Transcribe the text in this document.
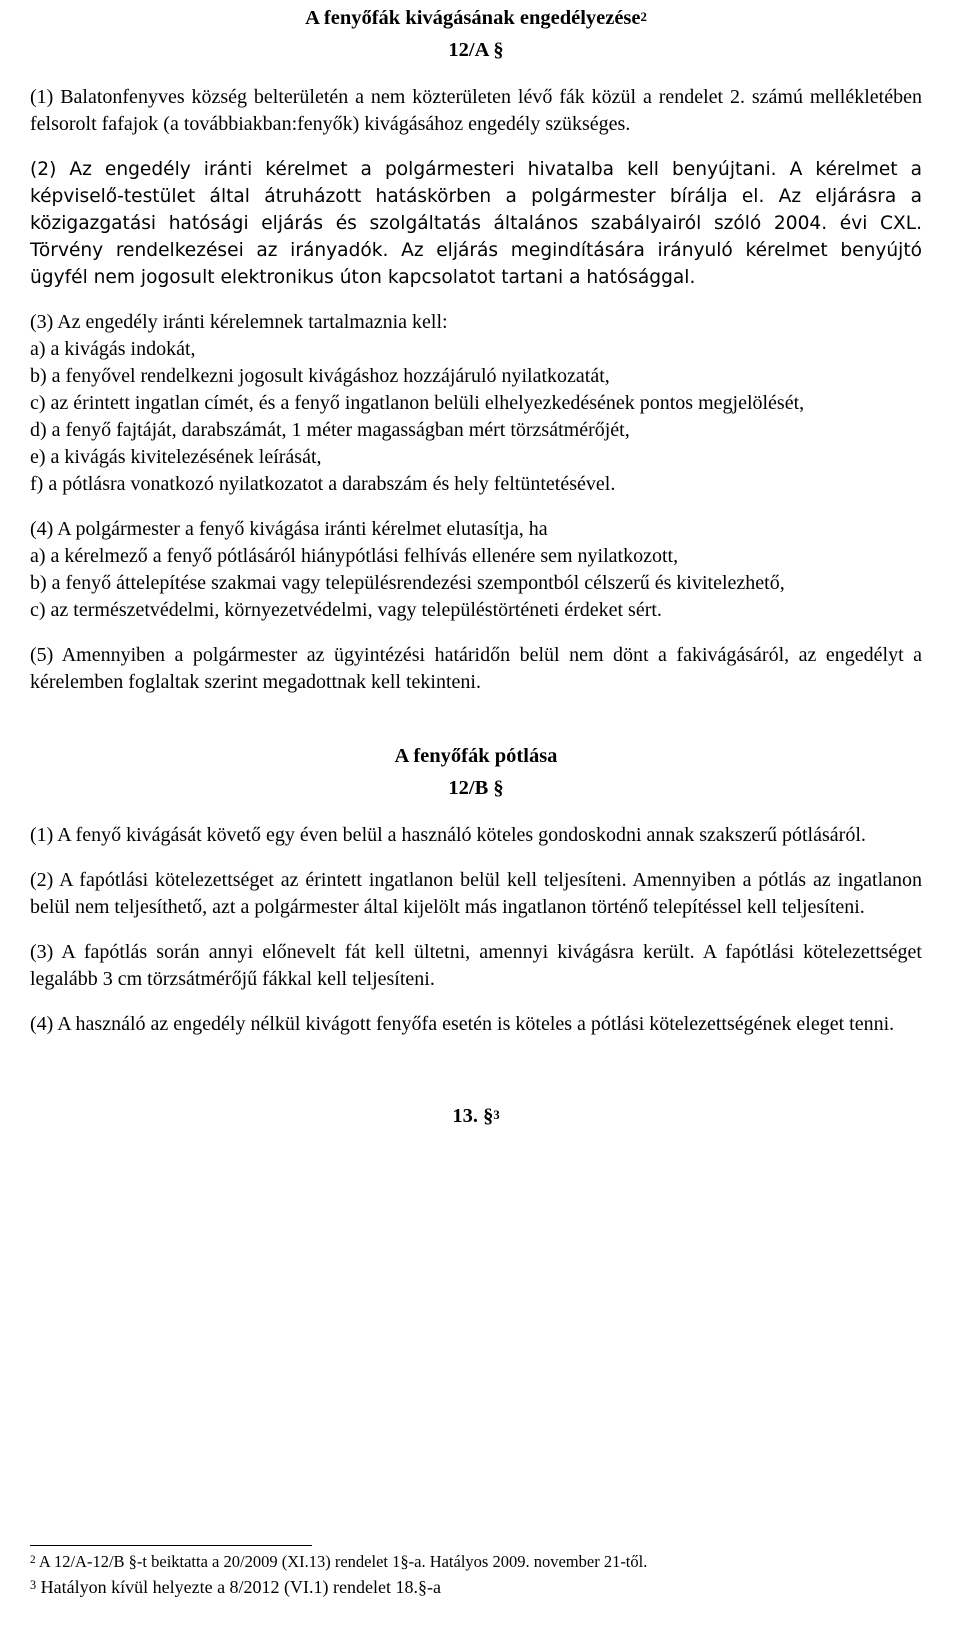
A fenyőfák kivágásának engedélyezése$^2$
12/A §

(1) Balatonfenyves község belterületén a nem közterületen lévő fák közül a rendelet 2. számú mellékletében felsorolt fafajok (a továbbiakban:fenyők) kivágásához engedély szükséges.

(2) Az engedély iránti kérelmet a polgármesteri hivatalba kell benyújtani. A kérelmet a képviselő-testület által átruházott hatáskörben a polgármester bírálja el. Az eljárásra a közigazgatási hatósági eljárás és szolgáltatás általános szabályairól szóló 2004. évi CXL. Törvény rendelkezései az irányadók. Az eljárás megindítására irányuló kérelmet benyújtó ügyfél nem jogosult elektronikus úton kapcsolatot tartani a hatósággal.

(3) Az engedély iránti kérelemnek tartalmaznia kell:

a) a kivágás indokát,

b) a fenyővel rendelkezni jogosult kivágáshoz hozzájáruló nyilatkozatát,

c) az érintett ingatlan címét, és a fenyő ingatlanon belüli elhelyezkedésének pontos megjelölését,

d) a fenyő fajtáját, darabszámát, 1 méter magasságban mért törzsátmérőjét,

e) a kivágás kivitelezésének leírását,

f) a pótlásra vonatkozó nyilatkozatot a darabszám és hely feltüntetésével.

(4) A polgármester a fenyő kivágása iránti kérelmet elutasítja, ha

a) a kérelmező a fenyő pótlásáról hiánypótlási felhívás ellenére sem nyilatkozott,

b) a fenyő áttelepítése szakmai vagy településrendezési szempontból célszerű és kivitelezhető,

c) az természetvédelmi, környezetvédelmi, vagy településtörténeti érdeket sért.

(5) Amennyiben a polgármester az ügyintézési határidőn belül nem dönt a fakivágásáról, az engedélyt a kérelemben foglaltak szerint megadottnak kell tekinteni.

A fenyőfák pótlása
12/B §

(1) A fenyő kivágását követő egy éven belül a használó köteles gondoskodni annak szakszerű pótlásáról.

(2) A fapótlási kötelezettséget az érintett ingatlanon belül kell teljesíteni. Amennyiben a pótlás az ingatlanon belül nem teljesíthető, azt a polgármester által kijelölt más ingatlanon történő telepítéssel kell teljesíteni.

(3) A fapótlás során annyi előnevelt fát kell ültetni, amennyi kivágásra került. A fapótlási kötelezettséget legalább 3 cm törzsátmérőjű fákkal kell teljesíteni.

(4) A használó az engedély nélkül kivágott fenyőfa esetén is köteles a pótlási kötelezettségének eleget tenni.

13. §$^3$
$^2$ A 12/A-12/B §-t beiktatta a 20/2009 (XI.13) rendelet 1§-a. Hatályos 2009. november 21-től.
$^3$ Hatályon kívül helyezte a 8/2012 (VI.1) rendelet 18.§-a
